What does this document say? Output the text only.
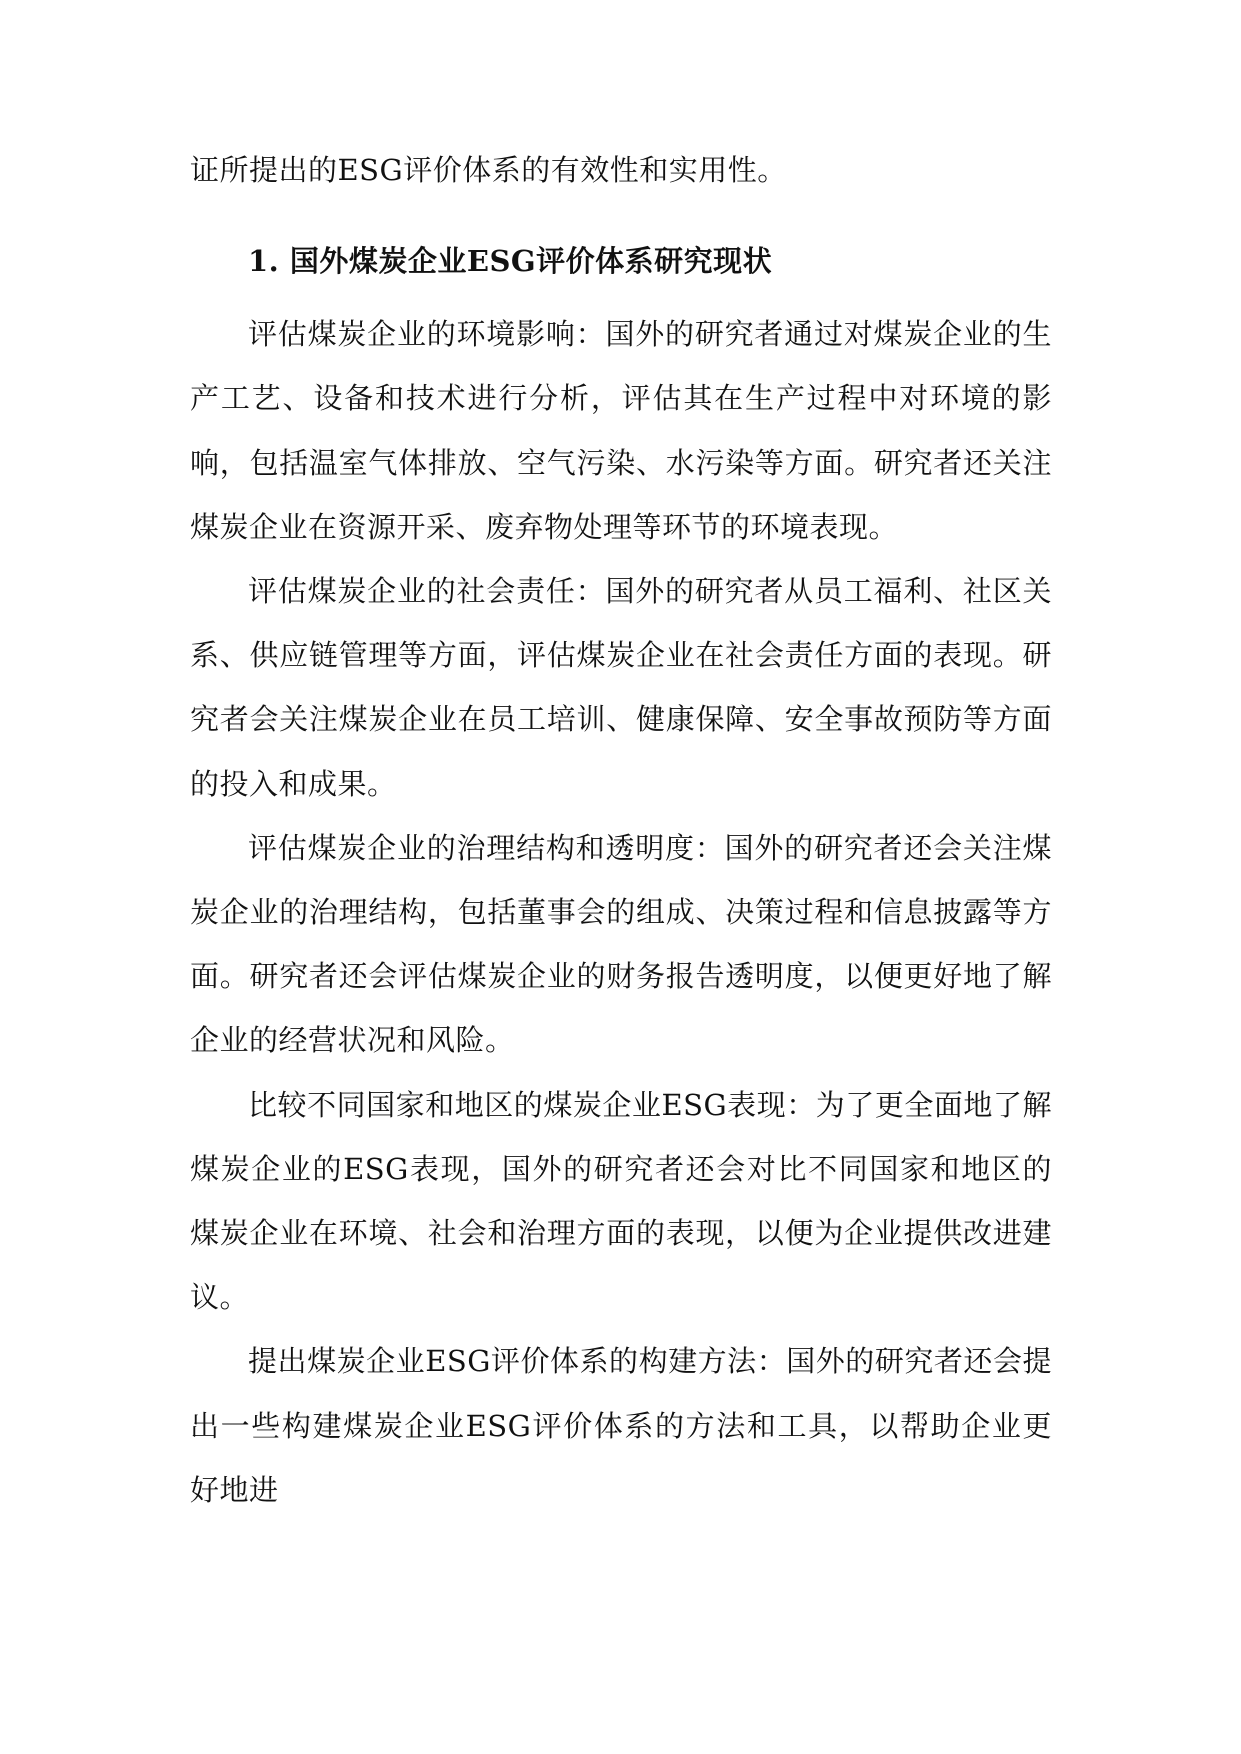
证所提出的ESG评价体系的有效性和实用性。

1. 国外煤炭企业ESG评价体系研究现状

评估煤炭企业的环境影响：国外的研究者通过对煤炭企业的生产工艺、设备和技术进行分析，评估其在生产过程中对环境的影响，包括温室气体排放、空气污染、水污染等方面。研究者还关注煤炭企业在资源开采、废弃物处理等环节的环境表现。

评估煤炭企业的社会责任：国外的研究者从员工福利、社区关系、供应链管理等方面，评估煤炭企业在社会责任方面的表现。研究者会关注煤炭企业在员工培训、健康保障、安全事故预防等方面的投入和成果。

评估煤炭企业的治理结构和透明度：国外的研究者还会关注煤炭企业的治理结构，包括董事会的组成、决策过程和信息披露等方面。研究者还会评估煤炭企业的财务报告透明度，以便更好地了解企业的经营状况和风险。

比较不同国家和地区的煤炭企业ESG表现：为了更全面地了解煤炭企业的ESG表现，国外的研究者还会对比不同国家和地区的煤炭企业在环境、社会和治理方面的表现，以便为企业提供改进建议。

提出煤炭企业ESG评价体系的构建方法：国外的研究者还会提出一些构建煤炭企业ESG评价体系的方法和工具，以帮助企业更好地进
